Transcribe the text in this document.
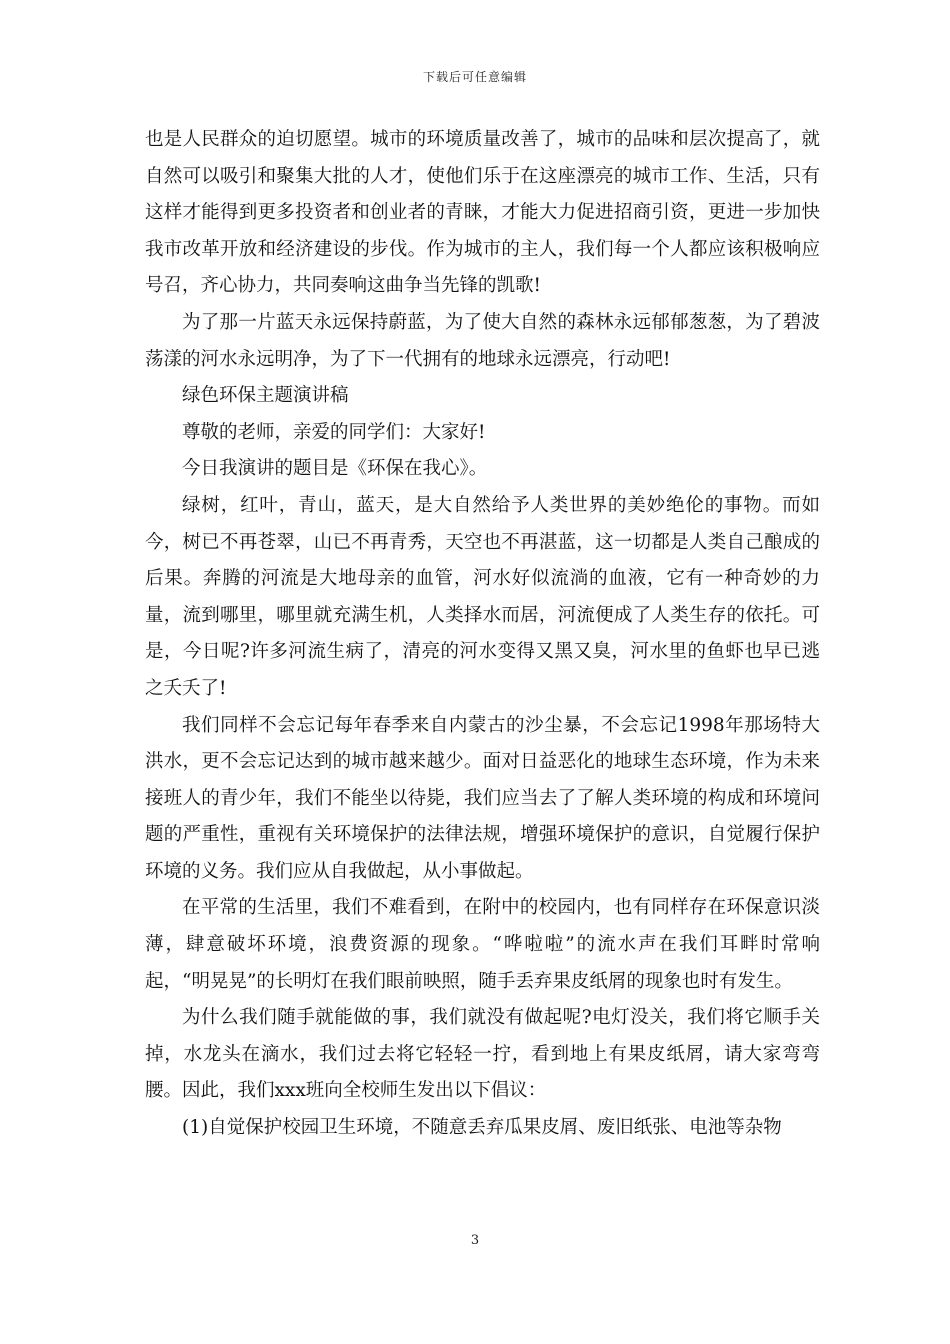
下载后可任意编辑

也是人民群众的迫切愿望。城市的环境质量改善了，城市的品味和层次提高了，就自然可以吸引和聚集大批的人才，使他们乐于在这座漂亮的城市工作、生活，只有这样才能得到更多投资者和创业者的青睐，才能大力促进招商引资，更进一步加快我市改革开放和经济建设的步伐。作为城市的主人，我们每一个人都应该积极响应号召，齐心协力，共同奏响这曲争当先锋的凯歌!

为了那一片蓝天永远保持蔚蓝，为了使大自然的森林永远郁郁葱葱，为了碧波荡漾的河水永远明净，为了下一代拥有的地球永远漂亮，行动吧!

绿色环保主题演讲稿

尊敬的老师，亲爱的同学们：大家好!

今日我演讲的题目是《环保在我心》。

绿树，红叶，青山，蓝天，是大自然给予人类世界的美妙绝伦的事物。而如今，树已不再苍翠，山已不再青秀，天空也不再湛蓝，这一切都是人类自己酿成的后果。奔腾的河流是大地母亲的血管，河水好似流淌的血液，它有一种奇妙的力量，流到哪里，哪里就充满生机，人类择水而居，河流便成了人类生存的依托。可是，今日呢?许多河流生病了，清亮的河水变得又黑又臭，河水里的鱼虾也早已逃之夭夭了!

我们同样不会忘记每年春季来自内蒙古的沙尘暴，不会忘记1998年那场特大洪水，更不会忘记达到的城市越来越少。面对日益恶化的地球生态环境，作为未来接班人的青少年，我们不能坐以待毙，我们应当去了了解人类环境的构成和环境问题的严重性，重视有关环境保护的法律法规，增强环境保护的意识，自觉履行保护环境的义务。我们应从自我做起，从小事做起。

在平常的生活里，我们不难看到，在附中的校园内，也有同样存在环保意识淡薄，肆意破坏环境，浪费资源的现象。“哗啦啦”的流水声在我们耳畔时常响起，“明晃晃”的长明灯在我们眼前映照，随手丢弃果皮纸屑的现象也时有发生。

为什么我们随手就能做的事，我们就没有做起呢?电灯没关，我们将它顺手关掉，水龙头在滴水，我们过去将它轻轻一拧，看到地上有果皮纸屑，请大家弯弯腰。因此，我们xxx班向全校师生发出以下倡议：

(1)自觉保护校园卫生环境，不随意丢弃瓜果皮屑、废旧纸张、电池等杂物

3
